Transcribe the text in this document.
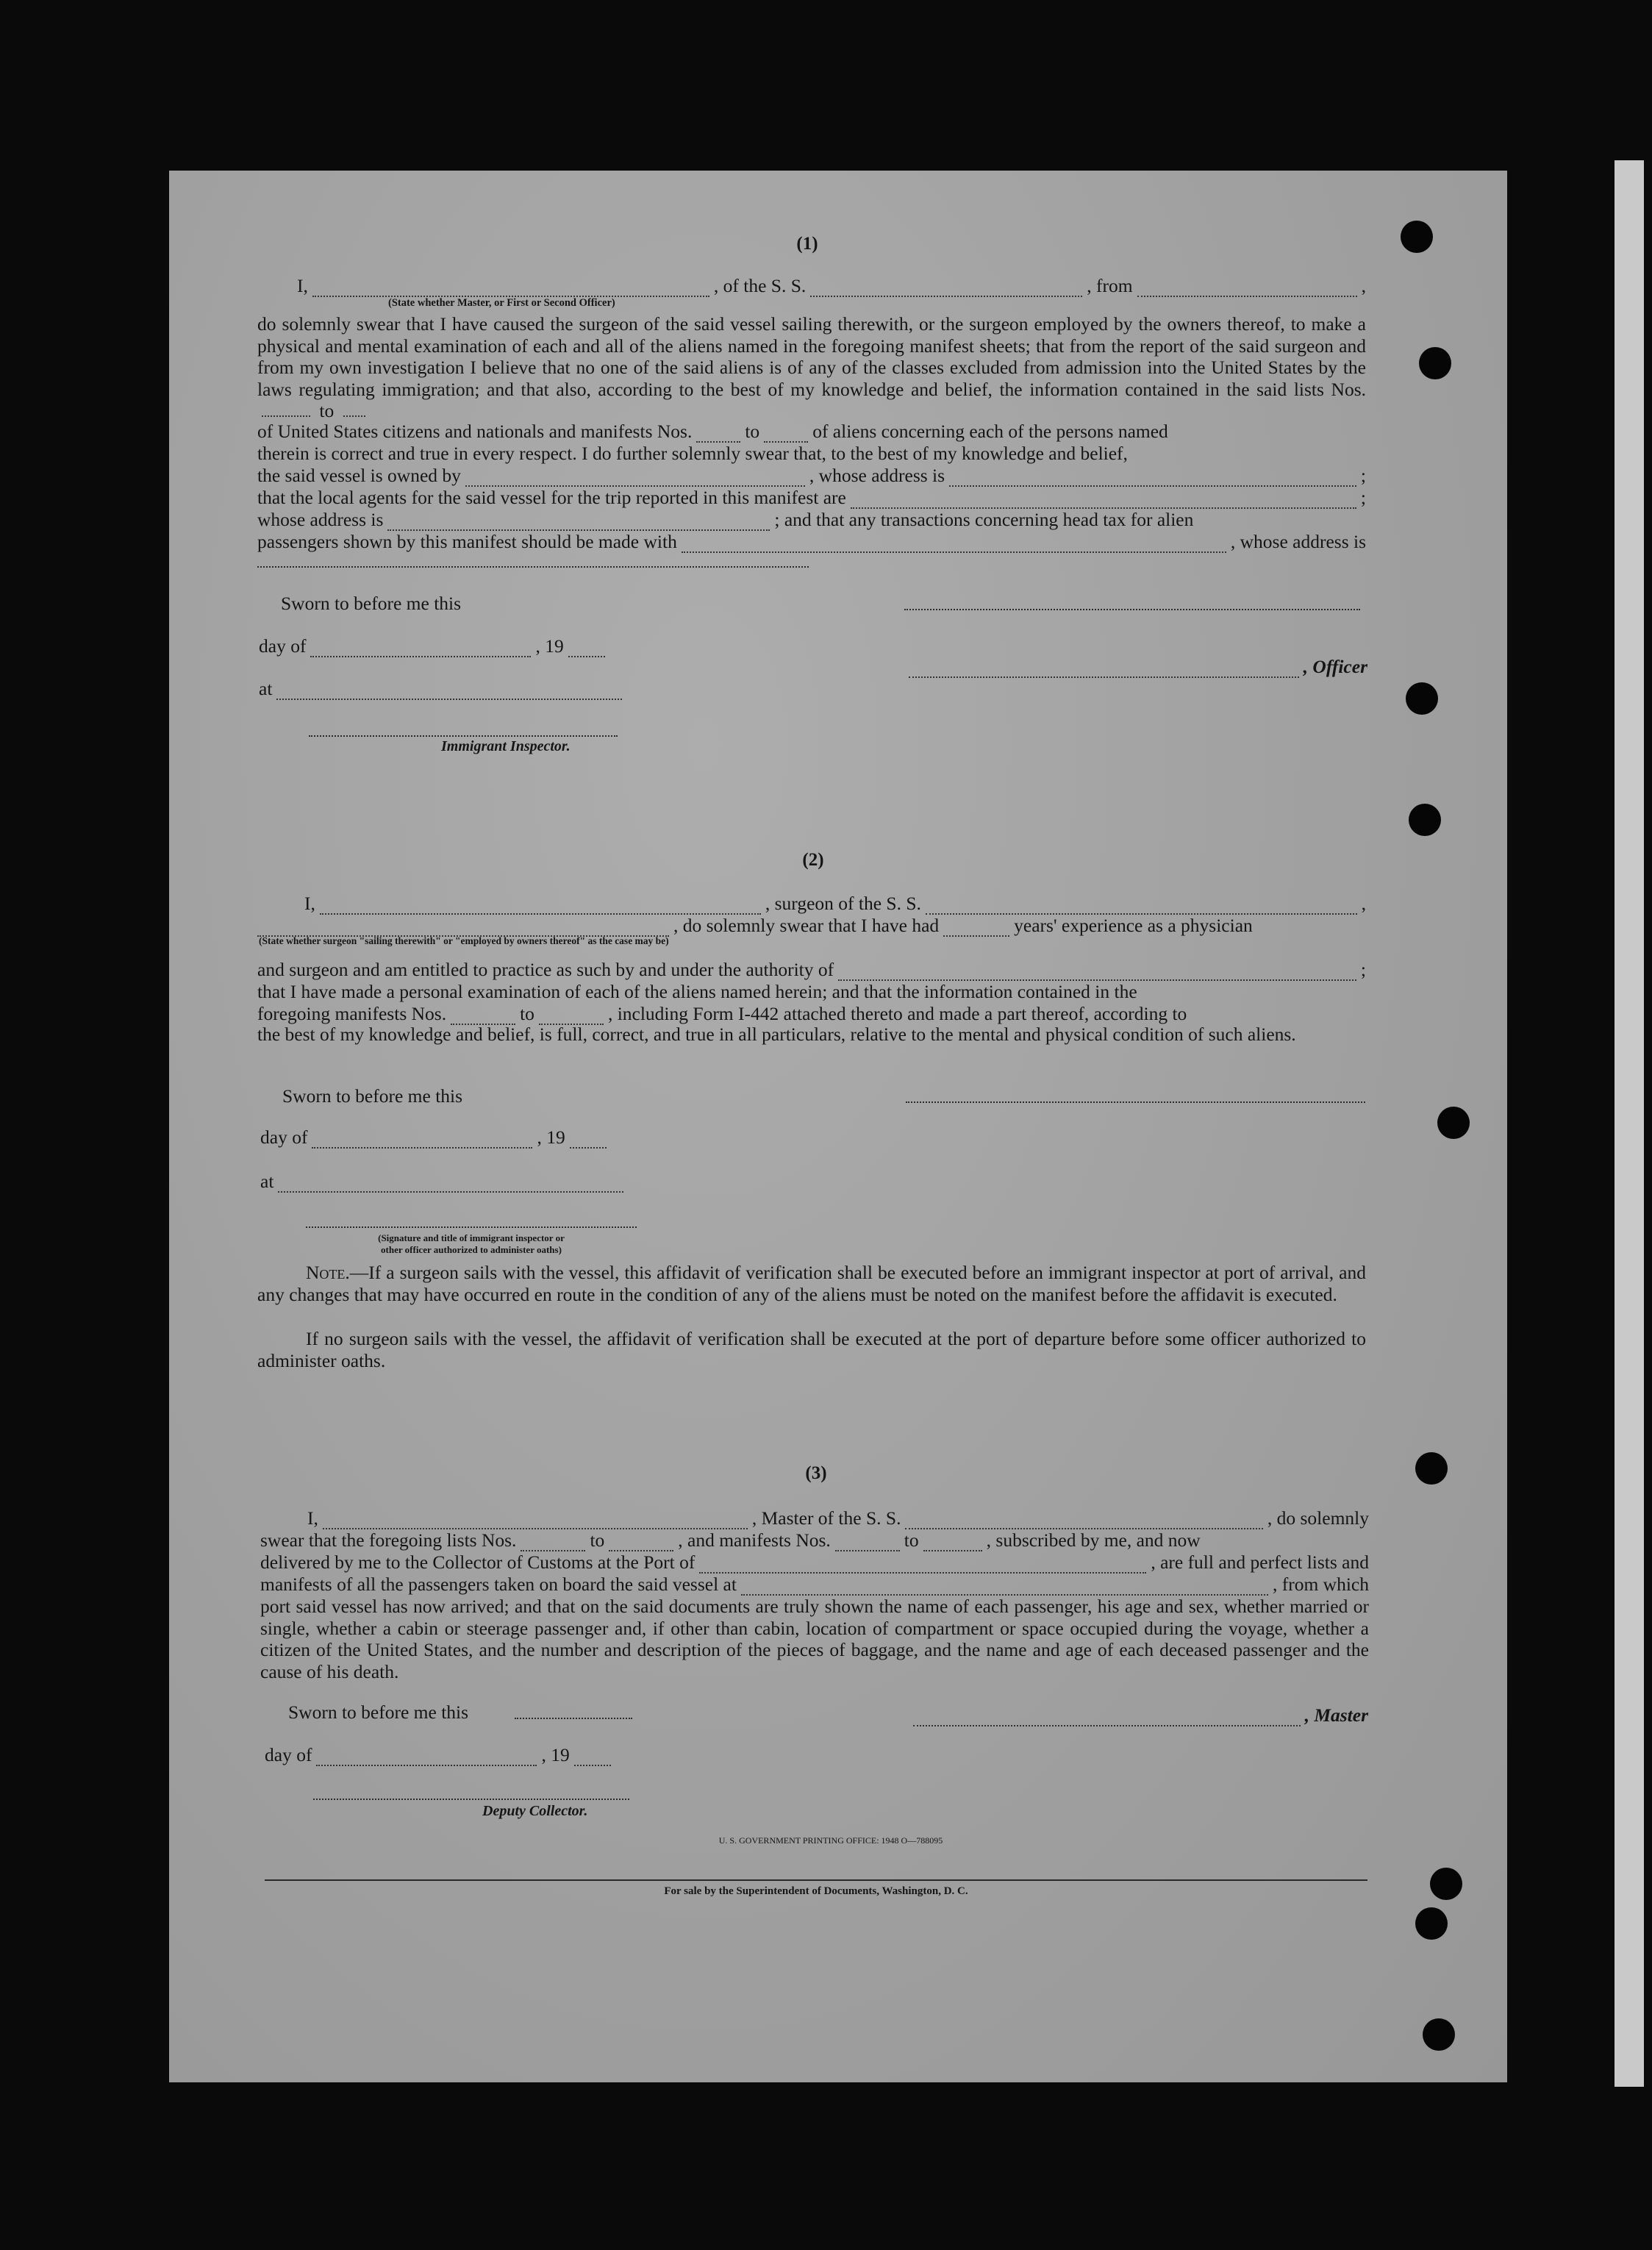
(1)
I,	, of the S. S.	, from	,
(State whether Master, or First or Second Officer)
do solemnly swear that I have caused the surgeon of the said vessel sailing therewith, or the surgeon employed by the owners thereof, to make a physical and mental examination of each and all of the aliens named in the foregoing manifest sheets; that from the report of the said surgeon and from my own investigation I believe that no one of the said aliens is of any of the classes excluded from admission into the United States by the laws regulating immigration; and that also, according to the best of my knowledge and belief, the information contained in the said lists Nos.  to
of United States citizens and nationals and manifests Nos.	to	of aliens concerning each of the persons named
therein is correct and true in every respect. I do further solemnly swear that, to the best of my knowledge and belief,
the said vessel is owned by	, whose address is	;
that the local agents for the said vessel for the trip reported in this manifest are	;
whose address is	; and that any transactions concerning head tax for alien
passengers shown by this manifest should be made with	, whose address is
Sworn to before me this
day of	, 19
, Officer
at
Immigrant Inspector.
(2)
I,	, surgeon of the S. S.	,
, do solemnly swear that I have had	years' experience as a physician
(State whether surgeon "sailing therewith" or "employed by owners thereof" as the case may be)
and surgeon and am entitled to practice as such by and under the authority of	;
that I have made a personal examination of each of the aliens named herein; and that the information contained in the
foregoing manifests Nos.	to	, including Form I-442 attached thereto and made a part thereof, according to
the best of my knowledge and belief, is full, correct, and true in all particulars, relative to the mental and physical condition of such aliens.
Sworn to before me this
day of	, 19
at
(Signature and title of immigrant inspector or
other officer authorized to administer oaths)
Note.—If a surgeon sails with the vessel, this affidavit of verification shall be executed before an immigrant inspector at port of arrival, and any changes that may have occurred en route in the condition of any of the aliens must be noted on the manifest before the affidavit is executed.
If no surgeon sails with the vessel, the affidavit of verification shall be executed at the port of departure before some officer authorized to administer oaths.
(3)
I,	, Master of the S. S.	, do solemnly
swear that the foregoing lists Nos.	to	, and manifests Nos.	to	, subscribed by me, and now
delivered by me to the Collector of Customs at the Port of	, are full and perfect lists and
manifests of all the passengers taken on board the said vessel at	, from which
port said vessel has now arrived; and that on the said documents are truly shown the name of each passenger, his age and sex, whether married or single, whether a cabin or steerage passenger and, if other than cabin, location of compartment or space occupied during the voyage, whether a citizen of the United States, and the number and description of the pieces of baggage, and the name and age of each deceased passenger and the cause of his death.
Sworn to before me this	, Master
day of	, 19
Deputy Collector.
U. S. GOVERNMENT PRINTING OFFICE: 1948 O—788095
For sale by the Superintendent of Documents, Washington, D. C.
